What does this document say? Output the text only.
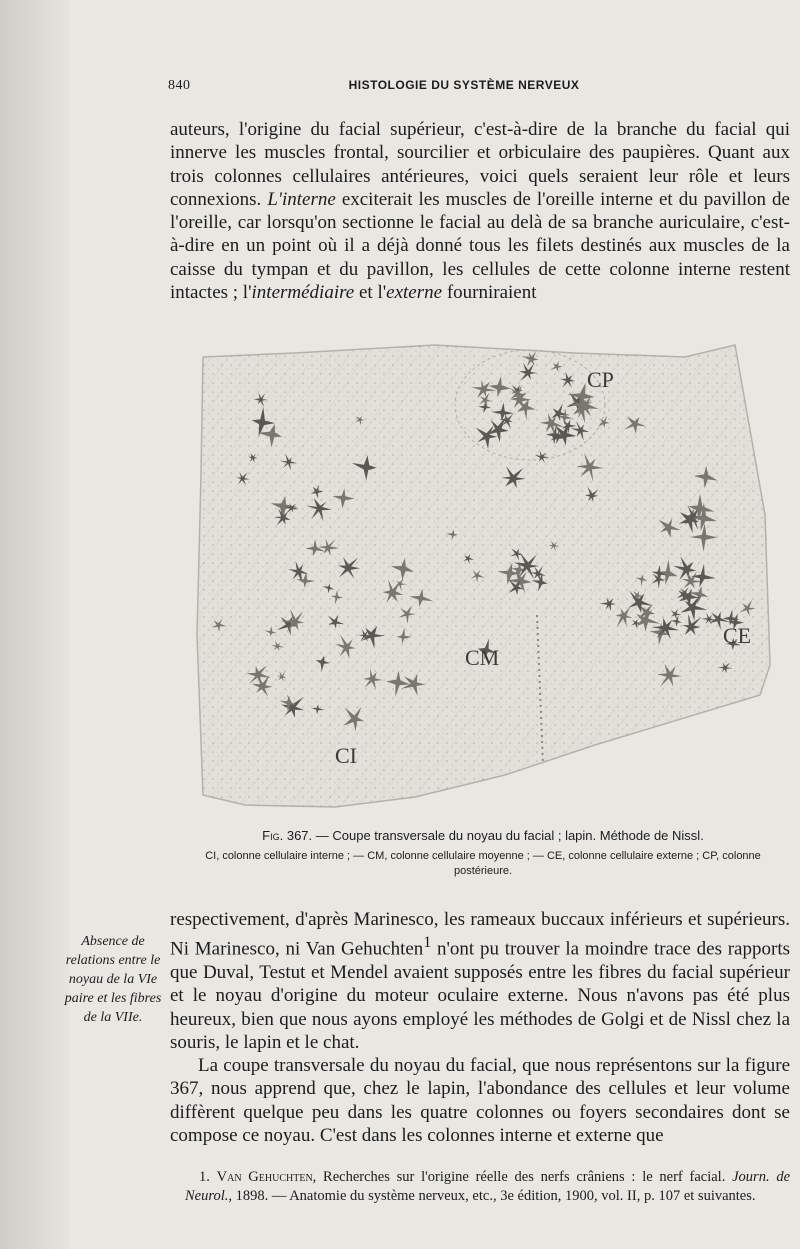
840	HISTOLOGIE DU SYSTÈME NERVEUX

auteurs, l'origine du facial supérieur, c'est-à-dire de la branche du facial qui innerve les muscles frontal, sourcilier et orbiculaire des paupières. Quant aux trois colonnes cellulaires antérieures, voici quels seraient leur rôle et leurs connexions. L'interne exciterait les muscles de l'oreille interne et du pavillon de l'oreille, car lorsqu'on sectionne le facial au delà de sa branche auriculaire, c'est-à-dire en un point où il a déjà donné tous les filets destinés aux muscles de la caisse du tympan et du pavillon, les cellules de cette colonne interne restent intactes ; l'intermédiaire et l'externe fourniraient

CP
CM
CE
CI

Fig. 367. — Coupe transversale du noyau du facial ; lapin. Méthode de Nissl.

CI, colonne cellulaire interne ; — CM, colonne cellulaire moyenne ; — CE, colonne cellulaire externe ; CP, colonne postérieure.

Absence de relations entre le noyau de la VIe paire et les fibres de la VIIe.

respectivement, d'après Marinesco, les rameaux buccaux inférieurs et supérieurs. Ni Marinesco, ni Van Gehuchten$^1$ n'ont pu trouver la moindre trace des rapports que Duval, Testut et Mendel avaient supposés entre les fibres du facial supérieur et le noyau d'origine du moteur oculaire externe. Nous n'avons pas été plus heureux, bien que nous ayons employé les méthodes de Golgi et de Nissl chez la souris, le lapin et le chat.

La coupe transversale du noyau du facial, que nous représentons sur la figure 367, nous apprend que, chez le lapin, l'abondance des cellules et leur volume diffèrent quelque peu dans les quatre colonnes ou foyers secondaires dont se compose ce noyau. C'est dans les colonnes interne et externe que

1. Van Gehuchten, Recherches sur l'origine réelle des nerfs crâniens : le nerf facial. Journ. de Neurol., 1898. — Anatomie du système nerveux, etc., 3e édition, 1900, vol. II, p. 107 et suivantes.
